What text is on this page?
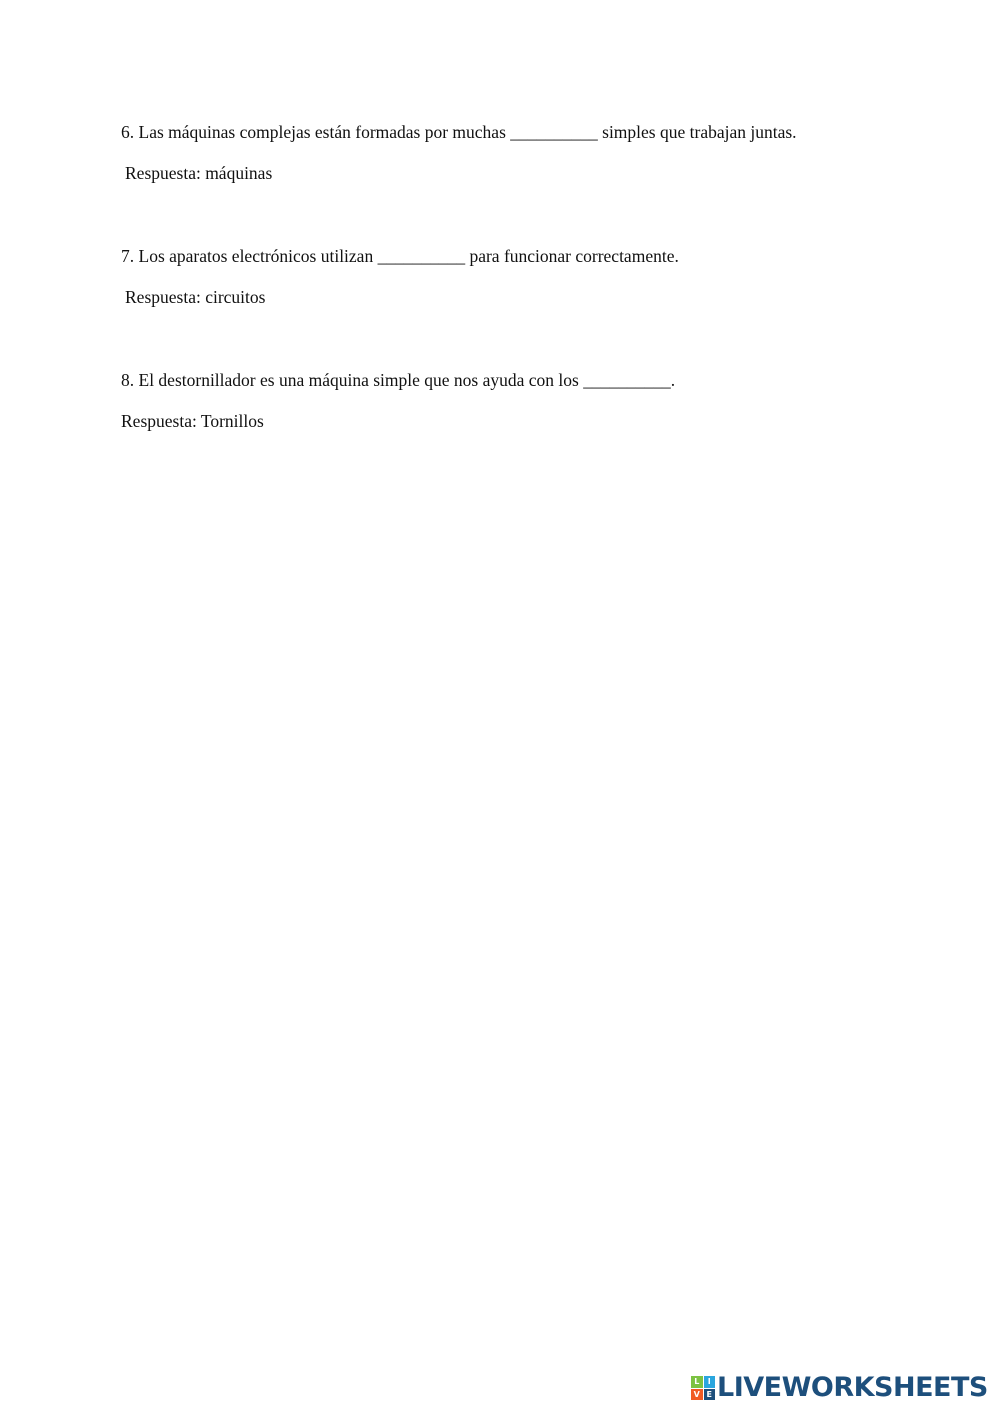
6. Las máquinas complejas están formadas por muchas __________ simples que trabajan juntas.
Respuesta: máquinas
7. Los aparatos electrónicos utilizan __________ para funcionar correctamente.
Respuesta: circuitos
8. El destornillador es una máquina simple que nos ayuda con los __________.
Respuesta: Tornillos
L	I
V E LIVEWORKSHEETS
